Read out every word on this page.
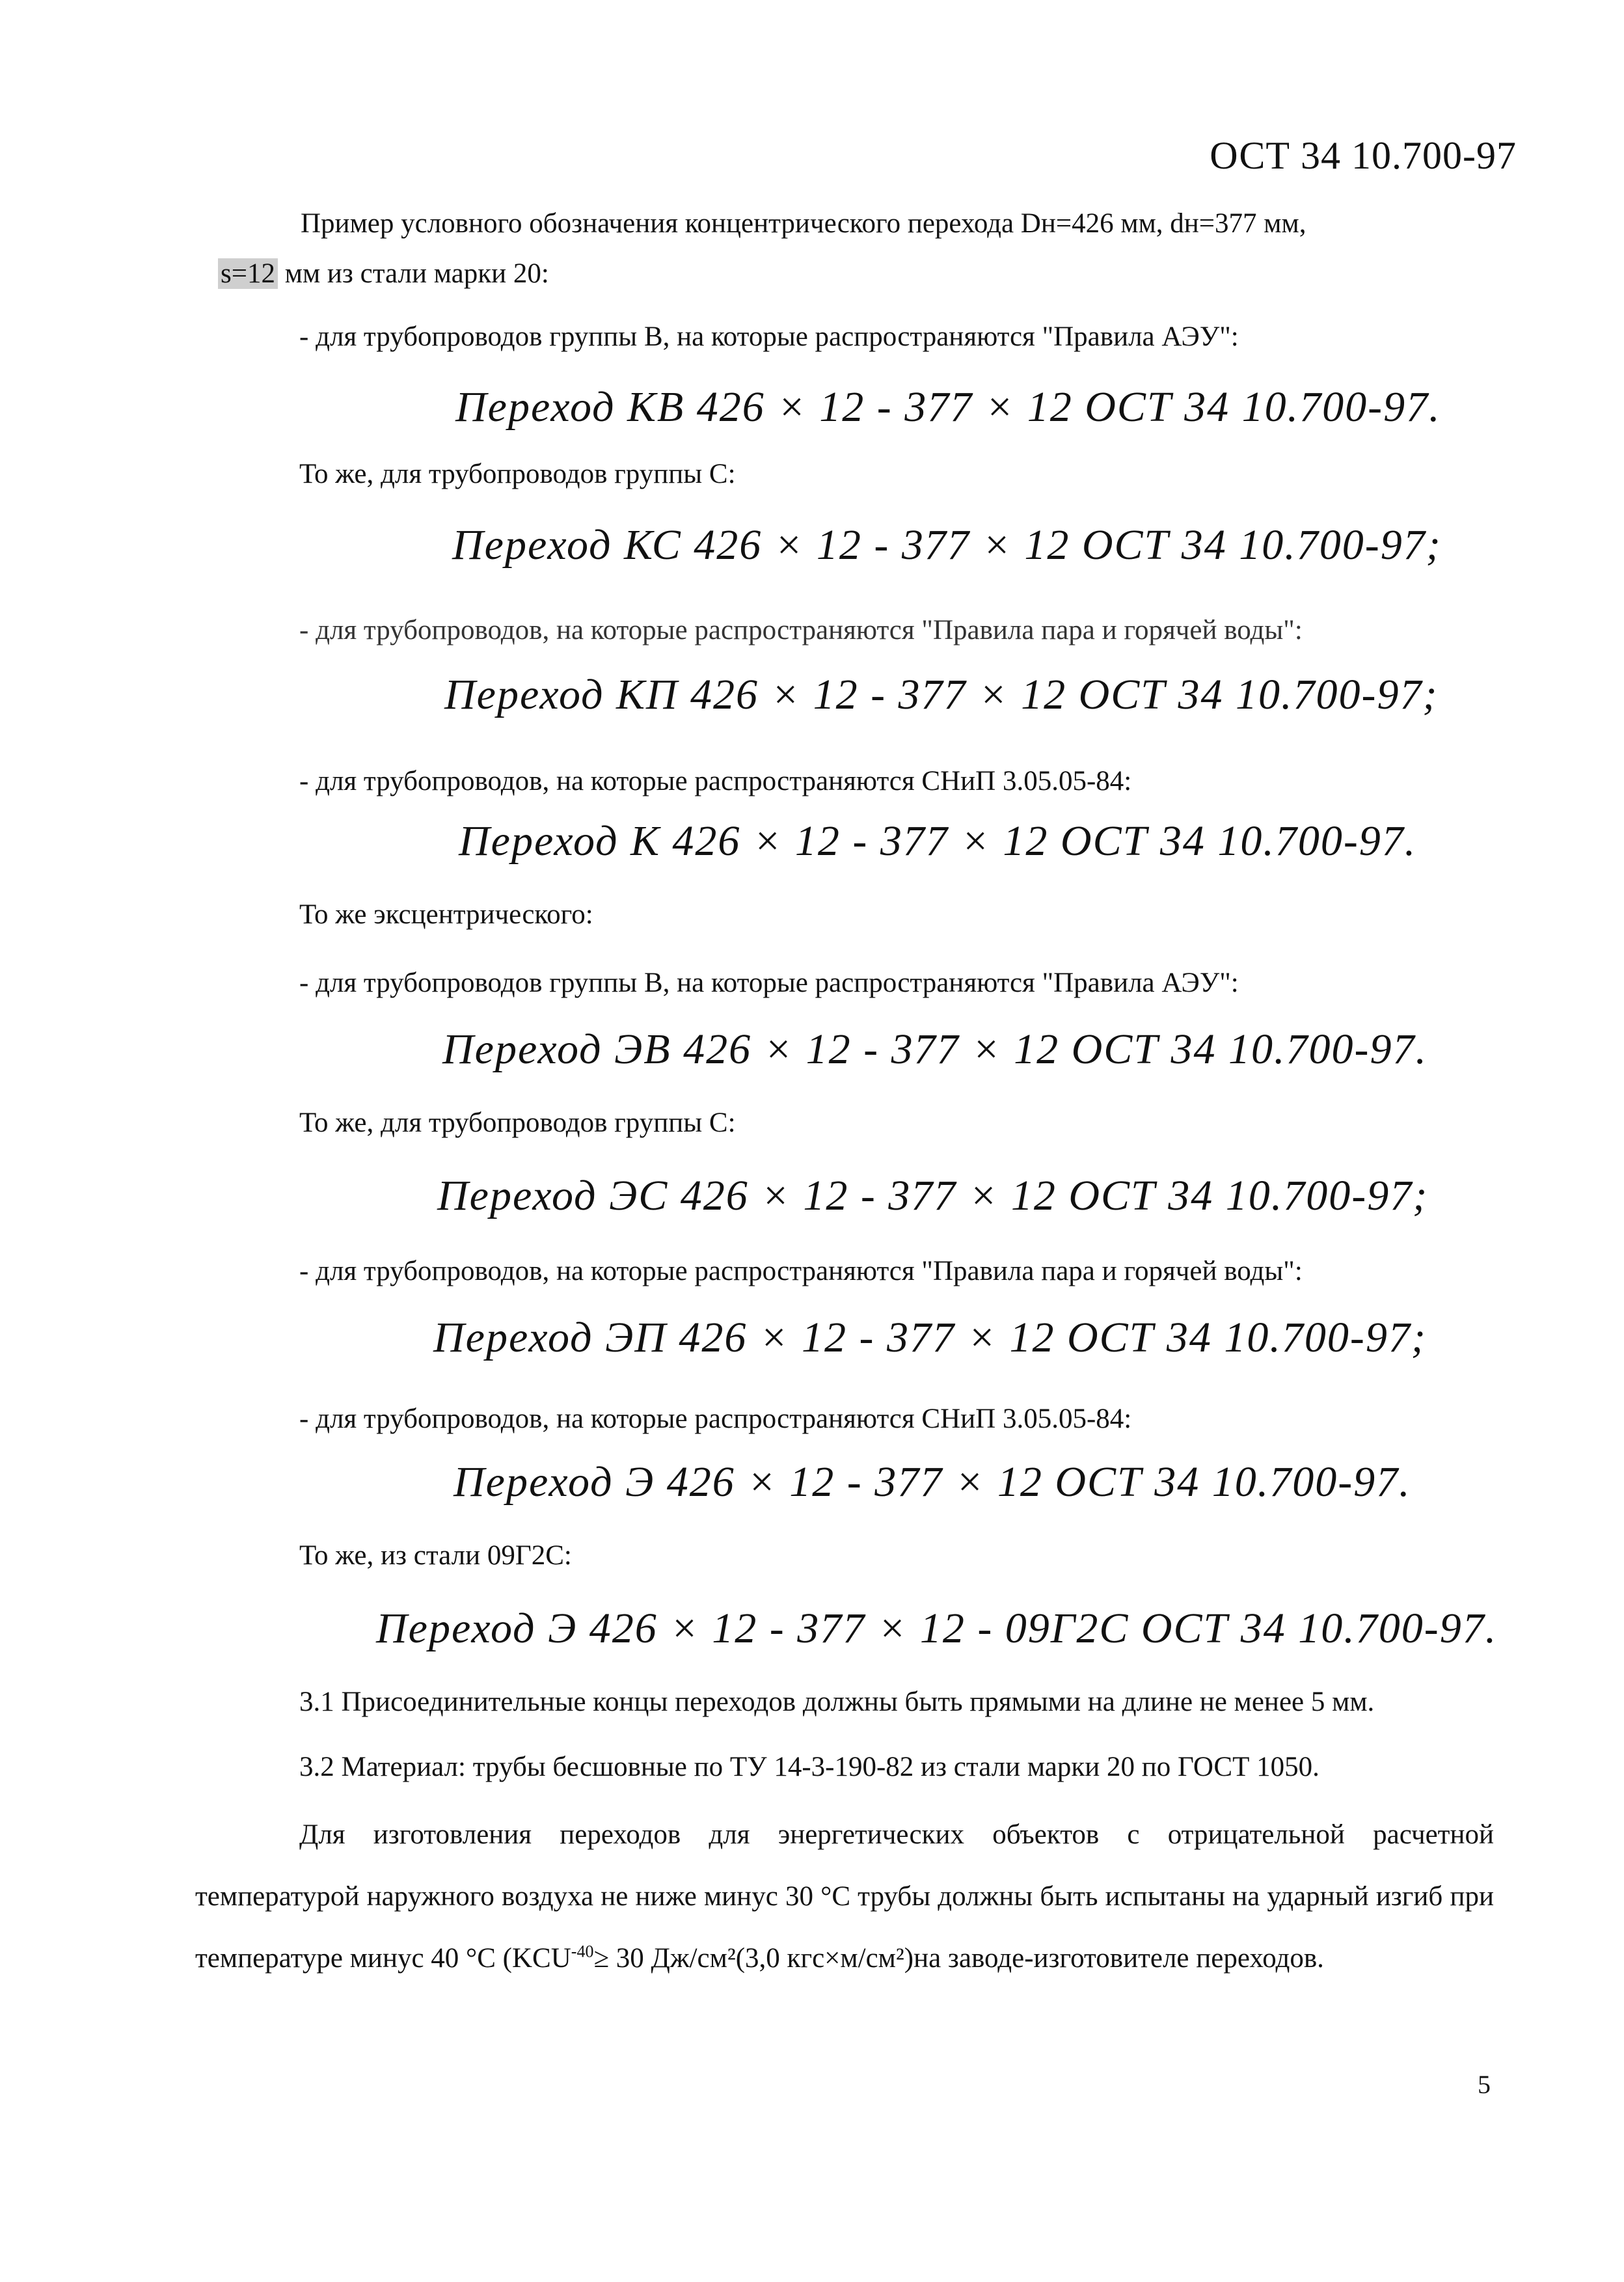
ОСТ 34 10.700-97
Пример условного обозначения концентрического перехода Dн=426 мм, dн=377 мм,
s=12 мм из стали марки 20:
- для трубопроводов группы В, на которые распространяются "Правила АЭУ":
Переход КВ 426 × 12 - 377 × 12 ОСТ 34 10.700-97.
То же, для трубопроводов группы С:
Переход КС 426 × 12 - 377 × 12 ОСТ 34 10.700-97;
- для трубопроводов, на которые распространяются "Правила пара и горячей воды":
Переход КП 426 × 12 - 377 × 12 ОСТ 34 10.700-97;
- для трубопроводов, на которые распространяются СНиП 3.05.05-84:
Переход К 426 × 12 - 377 × 12 ОСТ 34 10.700-97.
То же эксцентрического:
- для трубопроводов группы В, на которые распространяются "Правила АЭУ":
Переход ЭВ 426 × 12 - 377 × 12 ОСТ 34 10.700-97.
То же, для трубопроводов группы С:
Переход ЭС 426 × 12 - 377 × 12 ОСТ 34 10.700-97;
- для трубопроводов, на которые распространяются "Правила пара и горячей воды":
Переход ЭП 426 × 12 - 377 × 12 ОСТ 34 10.700-97;
- для трубопроводов, на которые распространяются СНиП 3.05.05-84:
Переход Э 426 × 12 - 377 × 12 ОСТ 34 10.700-97.
То же, из стали 09Г2С:
Переход Э 426 × 12 - 377 × 12 - 09Г2С ОСТ 34 10.700-97.
3.1 Присоединительные концы переходов должны быть прямыми на длине не менее 5 мм.
3.2 Материал: трубы бесшовные по ТУ 14-3-190-82 из стали марки 20 по ГОСТ 1050.
Для изготовления переходов для энергетических объектов с отрицательной расчетной температурой наружного воздуха не ниже минус 30 °С трубы должны быть испытаны на ударный изгиб при температуре минус 40 °С ($KCU^{-40}\ge 30$ Дж/см²(3,0 кгс×м/см²)на заводе-изготовителе переходов.
5
